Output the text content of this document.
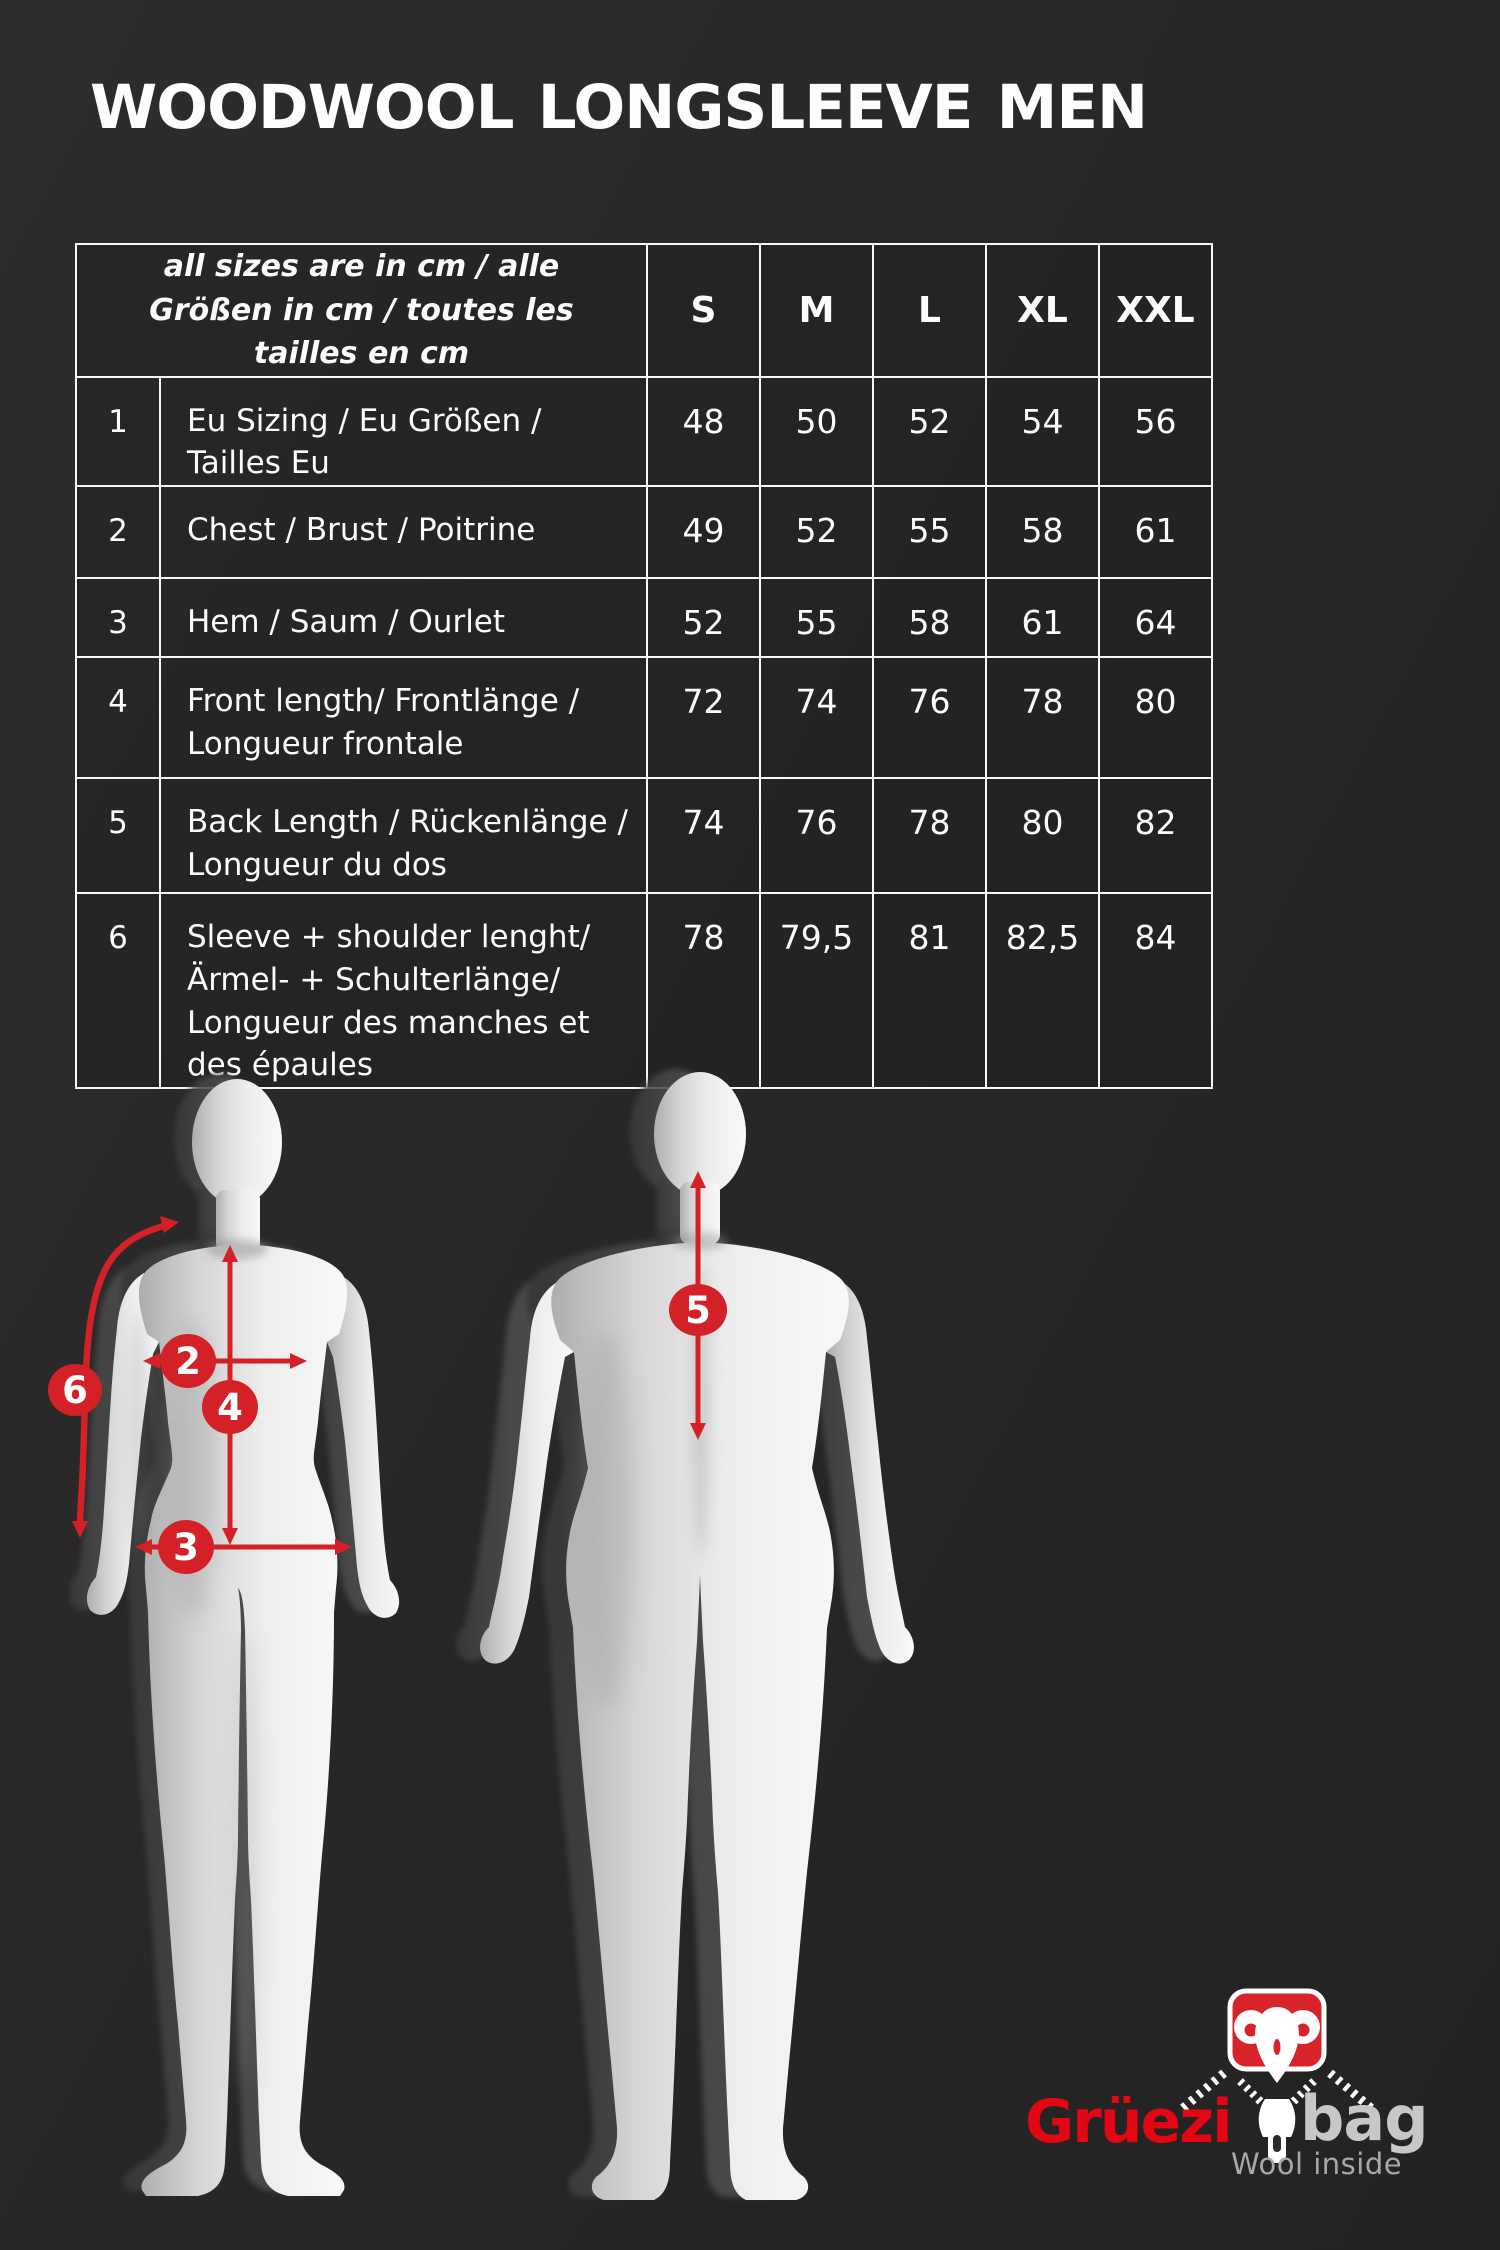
WOODWOOL LONGSLEEVE MEN
all sizes are in cm / alle Größen in cm / toutes les tailles en cm		S	M	L	XL	XXL
1	Eu Sizing / Eu Größen / Tailles Eu	48	50	52	54	56
2	Chest / Brust / Poitrine	49	52	55	58	61
3	Hem / Saum / Ourlet	52	55	58	61	64
4	Front length/ Frontlänge / Longueur frontale	72	74	76	78	80
5	Back Length / Rückenlänge / Longueur du dos	74	76	78	80	82
6	Sleeve + shoulder lenght/ Ärmel- + Schulterlänge/ Longueur des manches et des épaules	78	79,5	81	82,5	84
2
4
3
6
5
Grüezi bag
Wool inside
